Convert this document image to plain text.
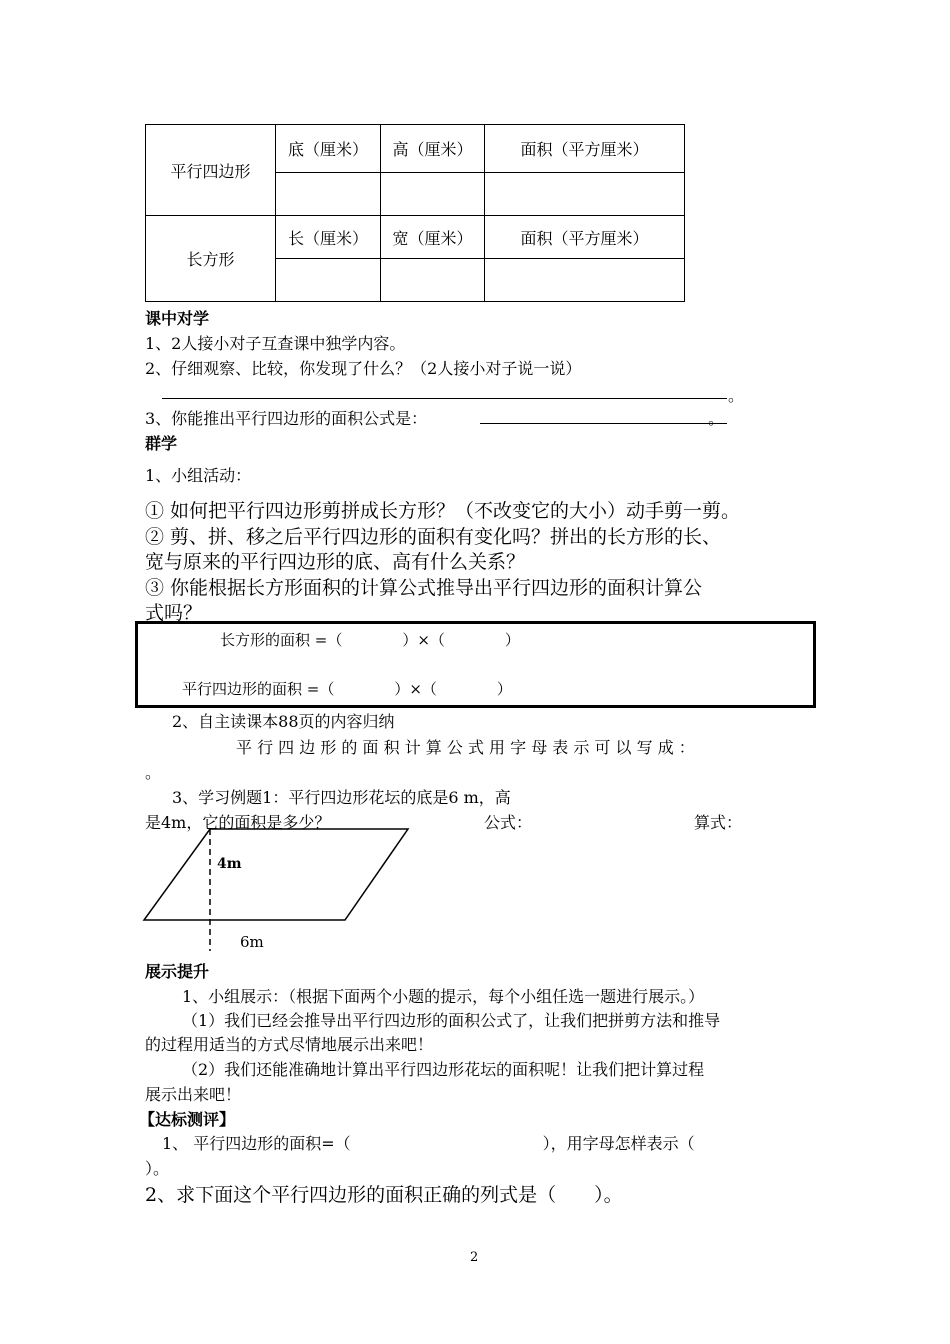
平行四边形	底（厘米）	高（厘米）	面积（平方厘米）

长方形	长（厘米）	宽（厘米）	面积（平方厘米）

课中对学
1、2人接小对子互查课中独学内容。
2、仔细观察、比较，你发现了什么？（2人接小对子说一说）
。
3、你能推出平行四边形的面积公式是：	。
群学
1、小组活动：
① 如何把平行四边形剪拼成长方形？（不改变它的大小）动手剪一剪。
② 剪、拼、移之后平行四边形的面积有变化吗？拼出的长方形的长、
宽与原来的平行四边形的底、高有什么关系？
③ 你能根据长方形面积的计算公式推导出平行四边形的面积计算公
式吗？
长方形的面积 =（　　　　）×（　　　　）
平行四边形的面积 =（　　　　）×（　　　　）
2、自主读课本88页的内容归纳
平 行 四 边 形 的 面 积 计 算 公 式 用 字 母 表 示 可 以 写 成 ：
。
3、学习例题1：平行四边形花坛的底是6 m，高
是4m，它的面积是多少？	公式：	算式：
4m
6m
展示提升
1、小组展示：（根据下面两个小题的提示，每个小组任选一题进行展示。）
（1）我们已经会推导出平行四边形的面积公式了，让我们把拼剪方法和推导
的过程用适当的方式尽情地展示出来吧！
（2）我们还能准确地计算出平行四边形花坛的面积呢！让我们把计算过程
展示出来吧！
【达标测评】
1、 平行四边形的面积=（　　　　　　　　　　　　），用字母怎样表示（
）。
2、求下面这个平行四边形的面积正确的列式是（　　）。
2
